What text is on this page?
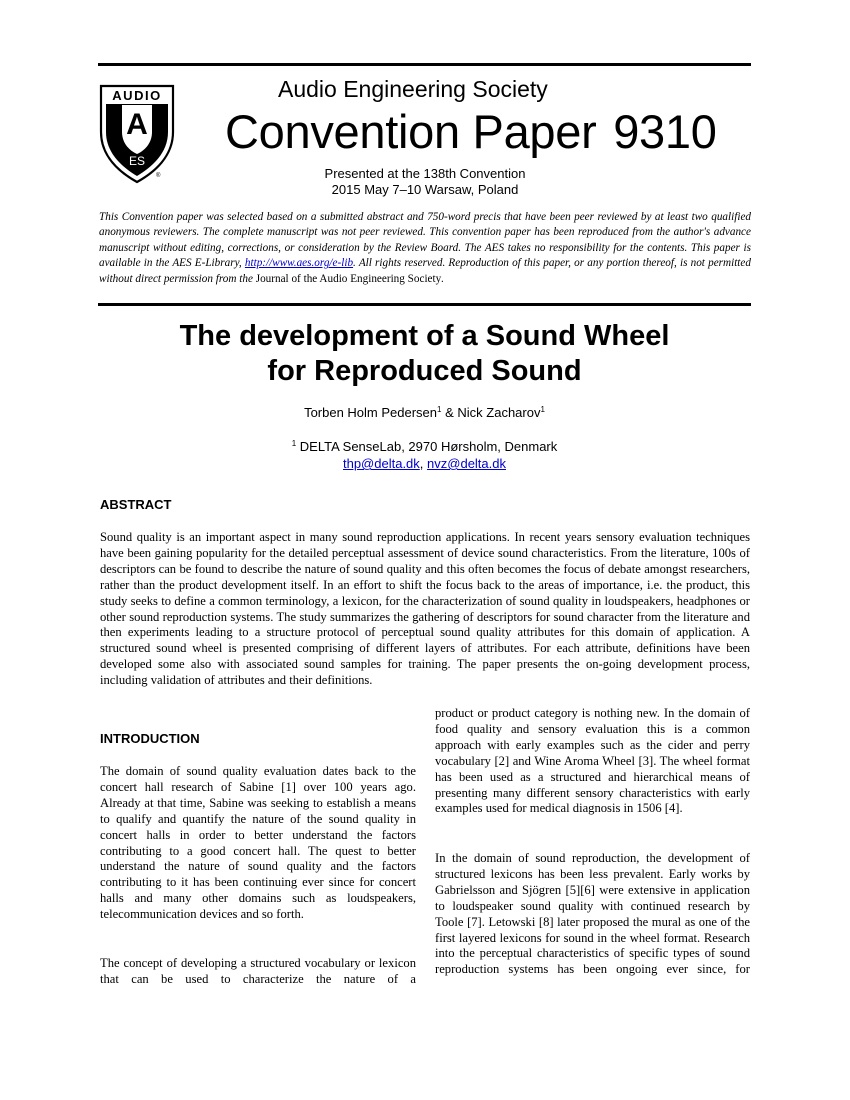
AUDIO
A
ES
®
Audio Engineering Society
Convention Paper 9310
Presented at the 138th Convention
2015 May 7–10 Warsaw, Poland
This Convention paper was selected based on a submitted abstract and 750-word precis that have been peer reviewed by at least two qualified anonymous reviewers. The complete manuscript was not peer reviewed. This convention paper has been reproduced from the author's advance manuscript without editing, corrections, or consideration by the Review Board. The AES takes no responsibility for the contents. This paper is available in the AES E-Library, http://www.aes.org/e-lib. All rights reserved. Reproduction of this paper, or any portion thereof, is not permitted without direct permission from the Journal of the Audio Engineering Society.
The development of a Sound Wheel
for Reproduced Sound
Torben Holm Pedersen$^1$ & Nick Zacharov$^1$
$^1$ DELTA SenseLab, 2970 Hørsholm, Denmark
thp@delta.dk, nvz@delta.dk
ABSTRACT
Sound quality is an important aspect in many sound reproduction applications. In recent years sensory evaluation techniques have been gaining popularity for the detailed perceptual assessment of device sound characteristics. From the literature, 100s of descriptors can be found to describe the nature of sound quality and this often becomes the focus of debate amongst researchers, rather than the product development itself. In an effort to shift the focus back to the areas of importance, i.e. the product, this study seeks to define a common terminology, a lexicon, for the characterization of sound quality in loudspeakers, headphones or other sound reproduction systems. The study summarizes the gathering of descriptors for sound character from the literature and then experiments leading to a structure protocol of perceptual sound quality attributes for this domain of application. A structured sound wheel is presented comprising of different layers of attributes. For each attribute, definitions have been developed some also with associated sound samples for training. The paper presents the on-going development process, including validation of attributes and their definitions.
INTRODUCTION
The domain of sound quality evaluation dates back to the concert hall research of Sabine [1] over 100 years ago. Already at that time, Sabine was seeking to establish a means to qualify and quantify the nature of the sound quality in concert halls in order to better understand the factors contributing to a good concert hall. The quest to better understand the nature of sound quality and the factors contributing to it has been continuing ever since for concert halls and many other domains such as loudspeakers, telecommunication devices and so forth.
The concept of developing a structured vocabulary or lexicon that can be used to characterize the nature of a
product or product category is nothing new. In the domain of food quality and sensory evaluation this is a common approach with early examples such as the cider and perry vocabulary [2] and Wine Aroma Wheel [3]. The wheel format has been used as a structured and hierarchical means of presenting many different sensory characteristics with early examples used for medical diagnosis in 1506 [4].
In the domain of sound reproduction, the development of structured lexicons has been less prevalent. Early works by Gabrielsson and Sjögren [5][6] were extensive in application to loudspeaker sound quality with continued research by Toole [7]. Letowski [8] later proposed the mural as one of the first layered lexicons for sound in the wheel format. Research into the perceptual characteristics of specific types of sound reproduction systems has been ongoing ever since, for
